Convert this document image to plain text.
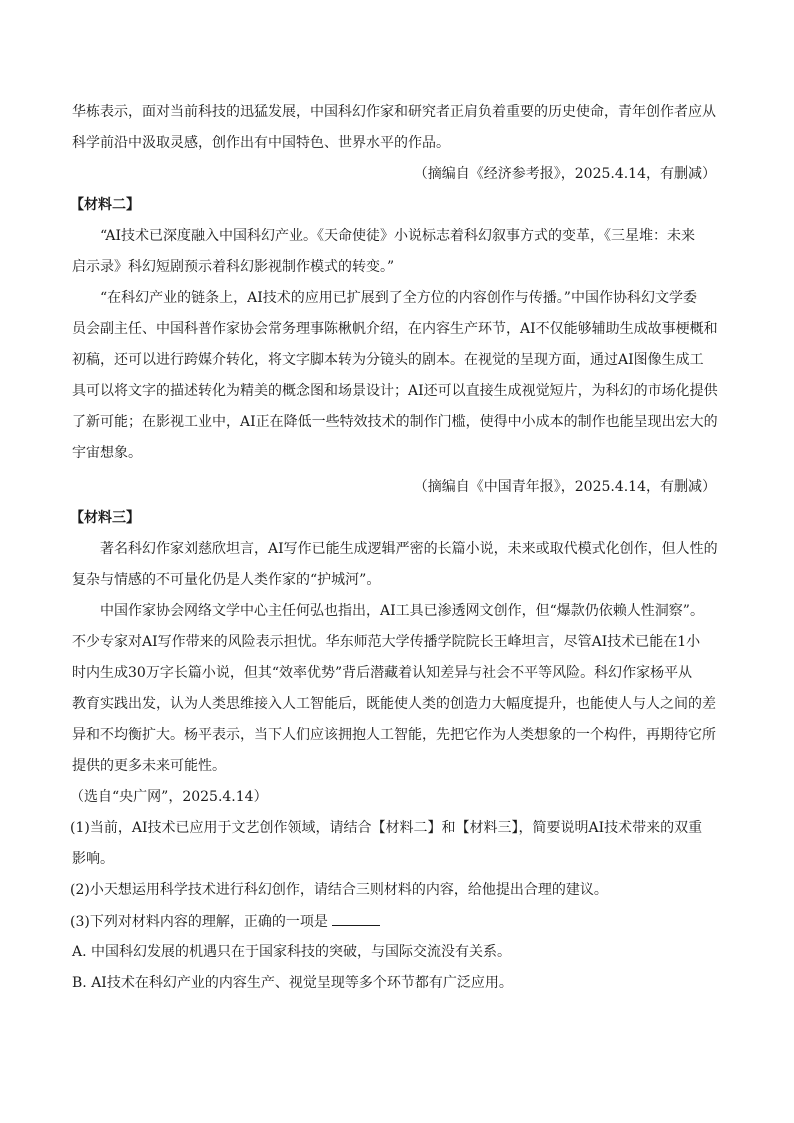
华栋表示，面对当前科技的迅猛发展，中国科幻作家和研究者正肩负着重要的历史使命，青年创作者应从
科学前沿中汲取灵感，创作出有中国特色、世界水平的作品。
（摘编自《经济参考报》，2025.4.14，有删减）
【材料二】
“AI技术已深度融入中国科幻产业。《天命使徒》小说标志着科幻叙事方式的变革，《三星堆：未来
启示录》科幻短剧预示着科幻影视制作模式的转变。”
“在科幻产业的链条上，AI技术的应用已扩展到了全方位的内容创作与传播。”中国作协科幻文学委
员会副主任、中国科普作家协会常务理事陈楸帆介绍，在内容生产环节，AI不仅能够辅助生成故事梗概和
初稿，还可以进行跨媒介转化，将文字脚本转为分镜头的剧本。在视觉的呈现方面，通过AI图像生成工
具可以将文字的描述转化为精美的概念图和场景设计；AI还可以直接生成视觉短片，为科幻的市场化提供
了新可能；在影视工业中，AI正在降低一些特效技术的制作门槛，使得中小成本的制作也能呈现出宏大的
宇宙想象。
（摘编自《中国青年报》，2025.4.14，有删减）
【材料三】
著名科幻作家刘慈欣坦言，AI写作已能生成逻辑严密的长篇小说，未来或取代模式化创作，但人性的
复杂与情感的不可量化仍是人类作家的“护城河”。
中国作家协会网络文学中心主任何弘也指出，AI工具已渗透网文创作，但“爆款仍依赖人性洞察”。
不少专家对AI写作带来的风险表示担忧。华东师范大学传播学院院长王峰坦言，尽管AI技术已能在1小
时内生成30万字长篇小说，但其“效率优势”背后潜藏着认知差异与社会不平等风险。科幻作家杨平从
教育实践出发，认为人类思维接入人工智能后，既能使人类的创造力大幅度提升，也能使人与人之间的差
异和不均衡扩大。杨平表示，当下人们应该拥抱人工智能，先把它作为人类想象的一个构件，再期待它所
提供的更多未来可能性。
（选自“央广网”，2025.4.14）
(1)当前，AI技术已应用于文艺创作领域，请结合【材料二】和【材料三】，简要说明AI技术带来的双重
影响。
(2)小天想运用科学技术进行科幻创作，请结合三则材料的内容，给他提出合理的建议。
(3)下列对材料内容的理解，正确的一项是
A. 中国科幻发展的机遇只在于国家科技的突破，与国际交流没有关系。
B. AI技术在科幻产业的内容生产、视觉呈现等多个环节都有广泛应用。
